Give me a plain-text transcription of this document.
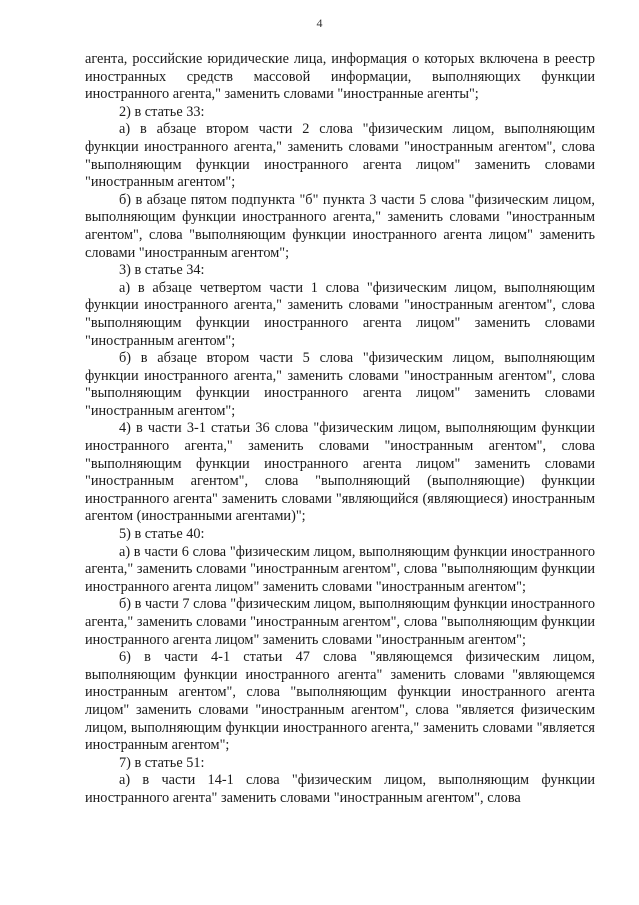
4

агента, российские юридические лица, информация о которых включена в реестр иностранных средств массовой информации, выполняющих функции иностранного агента," заменить словами "иностранные агенты";

2) в статье 33:

а) в абзаце втором части 2 слова "физическим лицом, выполняющим функции иностранного агента," заменить словами "иностранным агентом", слова "выполняющим функции иностранного агента лицом" заменить словами "иностранным агентом";

б) в абзаце пятом подпункта "б" пункта 3 части 5 слова "физическим лицом, выполняющим функции иностранного агента," заменить словами "иностранным агентом", слова "выполняющим функции иностранного агента лицом" заменить словами "иностранным агентом";

3) в статье 34:

а) в абзаце четвертом части 1 слова "физическим лицом, выполняющим функции иностранного агента," заменить словами "иностранным агентом", слова "выполняющим функции иностранного агента лицом" заменить словами "иностранным агентом";

б) в абзаце втором части 5 слова "физическим лицом, выполняющим функции иностранного агента," заменить словами "иностранным агентом", слова "выполняющим функции иностранного агента лицом" заменить словами "иностранным агентом";

4) в части 3-1 статьи 36 слова "физическим лицом, выполняющим функции иностранного агента," заменить словами "иностранным агентом", слова "выполняющим функции иностранного агента лицом" заменить словами "иностранным агентом", слова "выполняющий (выполняющие) функции иностранного агента" заменить словами "являющийся (являющиеся) иностранным агентом (иностранными агентами)";

5) в статье 40:

а) в части 6 слова "физическим лицом, выполняющим функции иностранного агента," заменить словами "иностранным агентом", слова "выполняющим функции иностранного агента лицом" заменить словами "иностранным агентом";

б) в части 7 слова "физическим лицом, выполняющим функции иностранного агента," заменить словами "иностранным агентом", слова "выполняющим функции иностранного агента лицом" заменить словами "иностранным агентом";

6) в части 4-1 статьи 47 слова "являющемся физическим лицом, выполняющим функции иностранного агента" заменить словами "являющемся иностранным агентом", слова "выполняющим функции иностранного агента лицом" заменить словами "иностранным агентом", слова "является физическим лицом, выполняющим функции иностранного агента," заменить словами "является иностранным агентом";

7) в статье 51:

а) в части 14-1 слова "физическим лицом, выполняющим функции иностранного агента" заменить словами "иностранным агентом", слова
